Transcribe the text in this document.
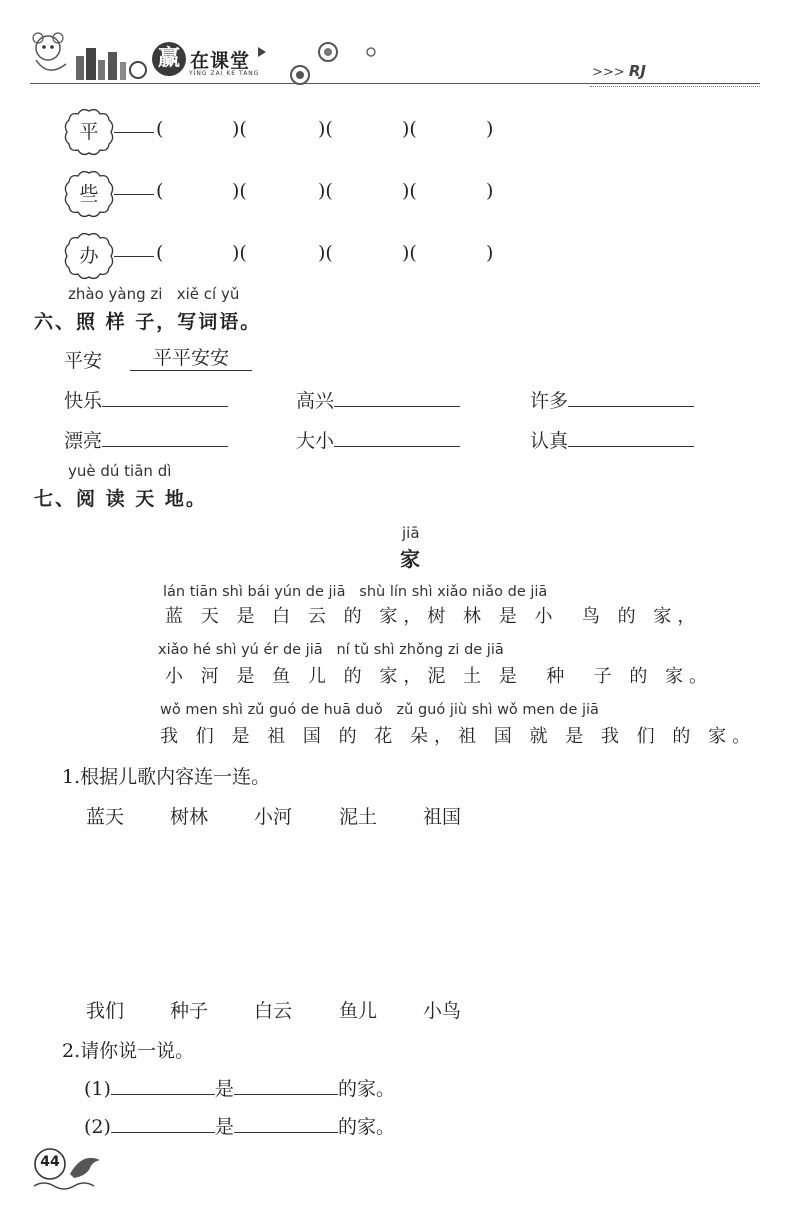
赢 在课堂
YING ZAI KE TANG	>>> RJ
平	(	)(	)(	)(	)
些	(	)(	)(	)(	)
办	(	)(	)(	)(	)
zhào yàng zi   xiě cí yǔ
六、照 样 子，写词语。
平安	平平安安
快乐	高兴	许多
漂亮	大小	认真
yuè dú tiān dì
七、阅 读 天 地。
jiā
家
lán tiān shì bái yún de jiā   shù lín shì xiǎo niǎo de jiā
蓝 天 是 白 云 的 家，树 林 是 小  鸟 的 家，
xiǎo hé shì yú ér de jiā   ní tǔ shì zhǒng zi de jiā
小 河 是 鱼 儿 的 家，泥 土 是  种  子 的 家。
wǒ men shì zǔ guó de huā duǒ   zǔ guó jiù shì wǒ men de jiā
我 们 是 祖 国 的 花 朵，祖 国 就 是 我 们 的 家。
1.根据儿歌内容连一连。
蓝天 树林 小河 泥土 祖国
我们 种子 白云 鱼儿 小鸟
2.请你说一说。
(1)	是	的家。
(2)	是	的家。
44
